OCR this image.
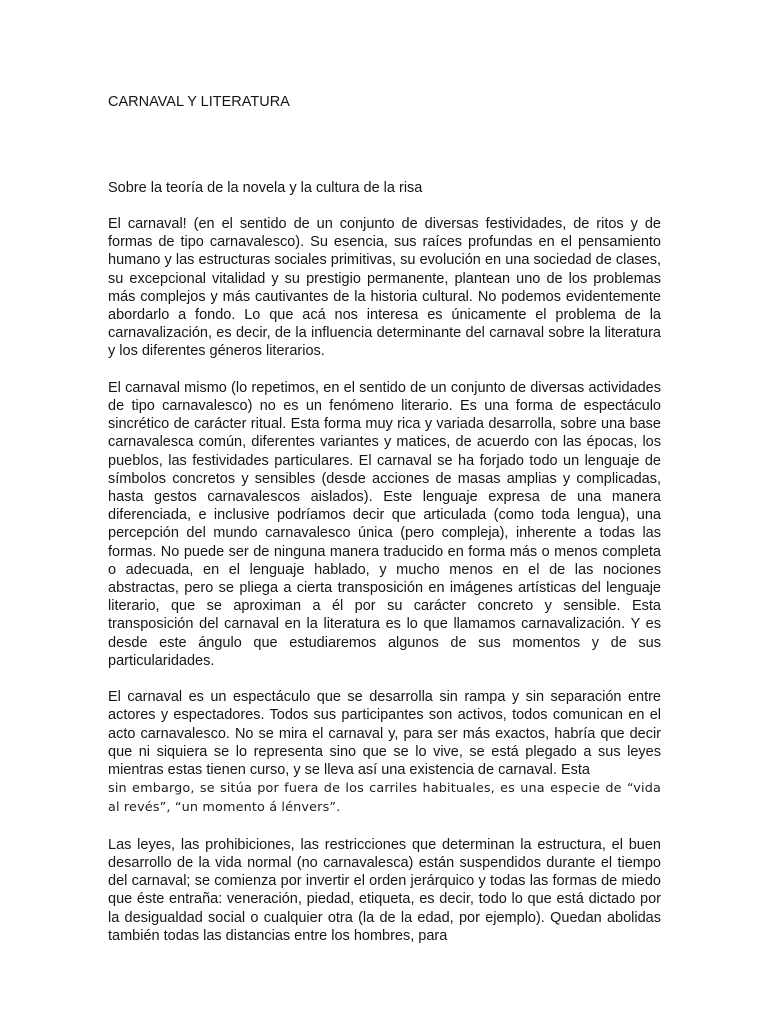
CARNAVAL Y LITERATURA
Sobre la teoría de la novela y la cultura de la risa

El carnaval! (en el sentido de un conjunto de diversas festividades, de ritos y de formas de tipo carnavalesco). Su esencia, sus raíces profundas en el pensamiento humano y las estructuras sociales primitivas, su evolución en una sociedad de clases, su excepcional vitalidad y su prestigio permanente, plantean uno de los problemas más complejos y más cautivantes de la historia cultural. No podemos evidentemente abordarlo a fondo. Lo que acá nos interesa es únicamente el problema de la carnavalización, es decir, de la influencia determinante del carnaval sobre la literatura y los diferentes géneros literarios.

El carnaval mismo (lo repetimos, en el sentido de un conjunto de diversas actividades de tipo carnavalesco) no es un fenómeno literario. Es una forma de espectáculo sincrético de carácter ritual. Esta forma muy rica y variada desarrolla, sobre una base carnavalesca común, diferentes variantes y matices, de acuerdo con las épocas, los pueblos, las festividades particulares. El carnaval se ha forjado todo un lenguaje de símbolos concretos y sensibles (desde acciones de masas amplias y complicadas, hasta gestos carnavalescos aislados). Este lenguaje expresa de una manera diferenciada, e inclusive podríamos decir que articulada (como toda lengua), una percepción del mundo carnavalesco única (pero compleja), inherente a todas las formas. No puede ser de ninguna manera traducido en forma más o menos completa o adecuada, en el lenguaje hablado, y mucho menos en el de las nociones abstractas, pero se pliega a cierta transposición en imágenes artísticas del lenguaje literario, que se aproximan a él por su carácter concreto y sensible. Esta transposición del carnaval en la literatura es lo que llamamos carnavalización. Y es desde este ángulo que estudiaremos algunos de sus momentos y de sus particularidades.

El carnaval es un espectáculo que se desarrolla sin rampa y sin separación entre actores y espectadores. Todos sus participantes son activos, todos comunican en el acto carnavalesco. No se mira el carnaval y, para ser más exactos, habría que decir que ni siquiera se lo representa sino que se lo vive, se está plegado a sus leyes mientras estas tienen curso, y se lleva así una existencia de carnaval. Esta
sin embargo, se sitúa por fuera de los carriles habituales, es una especie de “vida al revés”, “un momento á lénvers”.

Las leyes, las prohibiciones, las restricciones que determinan la estructura, el buen desarrollo de la vida normal (no carnavalesca) están suspendidos durante el tiempo del carnaval; se comienza por invertir el orden jerárquico y todas las formas de miedo que éste entraña: veneración, piedad, etiqueta, es decir, todo lo que está dictado por la desigualdad social o cualquier otra (la de la edad, por ejemplo). Quedan abolidas también todas las distancias entre los hombres, para
